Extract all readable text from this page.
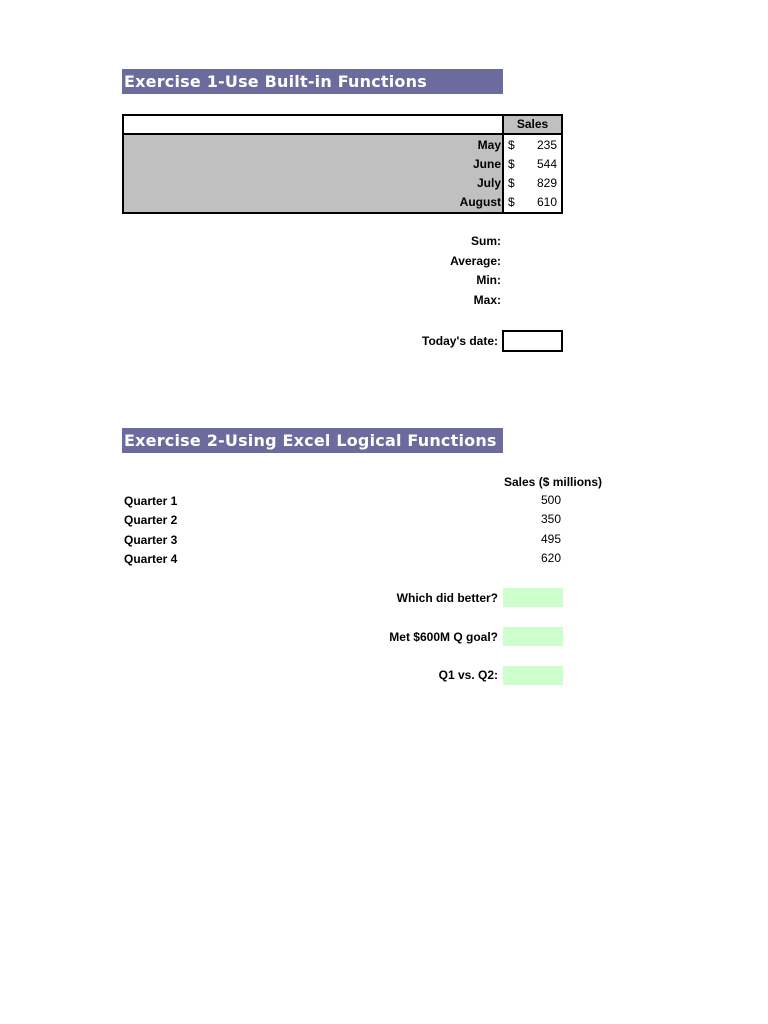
Exercise 1-Use Built-in Functions
Sales
May
June
July
August
$ 235
$ 544
$ 829
$ 610
Sum:
Average:
Min:
Max:
Today's date:
Exercise 2-Using Excel Logical Functions
Sales ($ millions)
Quarter 1
Quarter 2
Quarter 3
Quarter 4
500
350
495
620
Which did better?
Met $600M Q goal?
Q1 vs. Q2:
